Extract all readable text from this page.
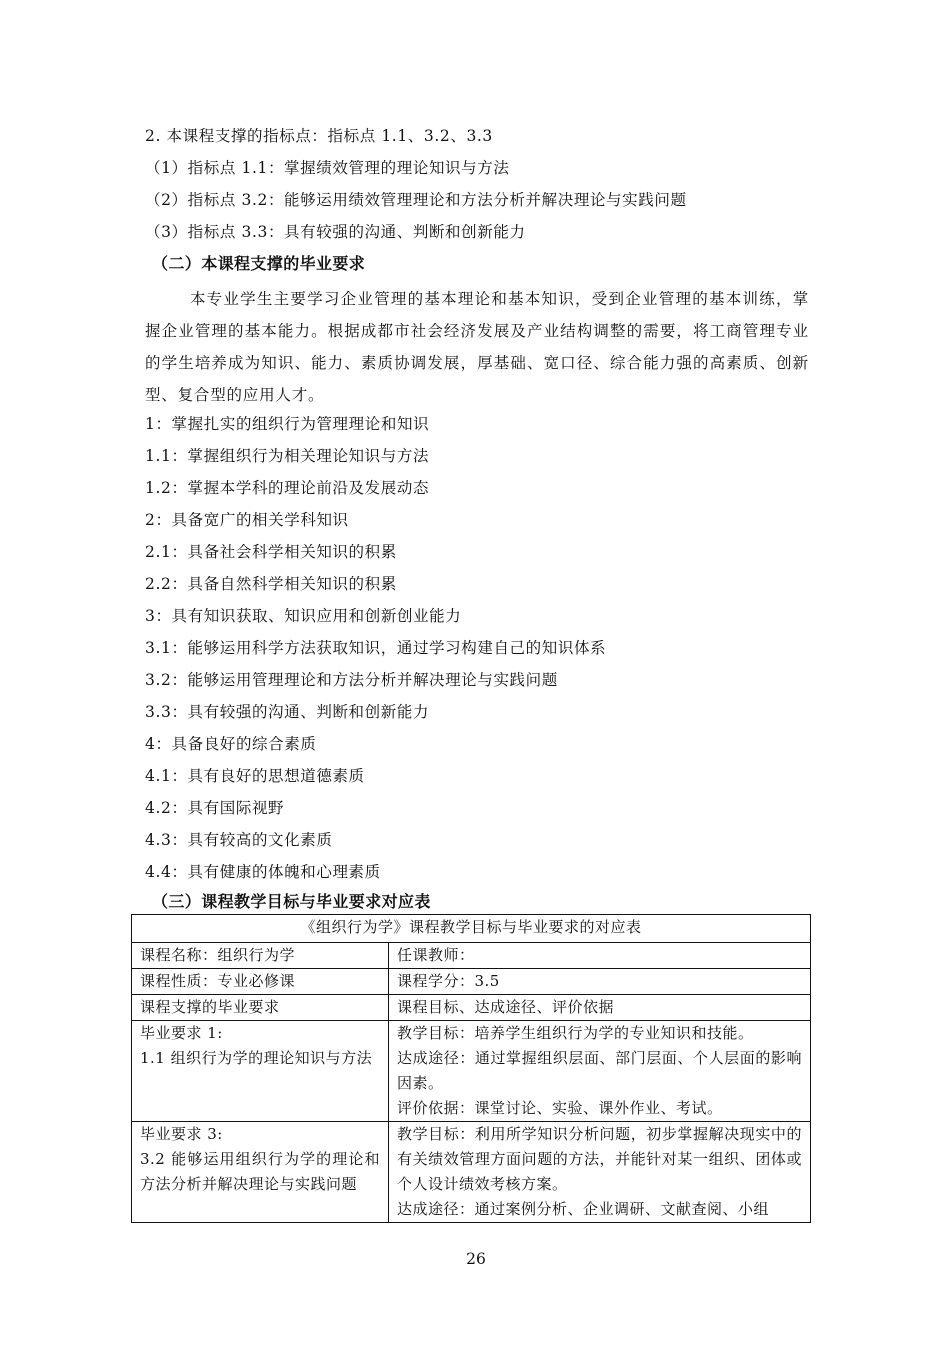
2. 本课程支撑的指标点：指标点 1.1、3.2、3.3
（1）指标点 1.1：掌握绩效管理的理论知识与方法
（2）指标点 3.2：能够运用绩效管理理论和方法分析并解决理论与实践问题
（3）指标点 3.3：具有较强的沟通、判断和创新能力
（二）本课程支撑的毕业要求
本专业学生主要学习企业管理的基本理论和基本知识，受到企业管理的基本训练，掌握企业管理的基本能力。根据成都市社会经济发展及产业结构调整的需要，将工商管理专业的学生培养成为知识、能力、素质协调发展，厚基础、宽口径、综合能力强的高素质、创新型、复合型的应用人才。
1：掌握扎实的组织行为管理理论和知识
1.1：掌握组织行为相关理论知识与方法
1.2：掌握本学科的理论前沿及发展动态
2：具备宽广的相关学科知识
2.1：具备社会科学相关知识的积累
2.2：具备自然科学相关知识的积累
3：具有知识获取、知识应用和创新创业能力
3.1：能够运用科学方法获取知识，通过学习构建自己的知识体系
3.2：能够运用管理理论和方法分析并解决理论与实践问题
3.3：具有较强的沟通、判断和创新能力
4：具备良好的综合素质
4.1：具有良好的思想道德素质
4.2：具有国际视野
4.3：具有较高的文化素质
4.4：具有健康的体魄和心理素质
（三）课程教学目标与毕业要求对应表
《组织行为学》课程教学目标与毕业要求的对应表	
课程名称：组织行为学	任课教师：
课程性质：专业必修课	课程学分：3.5
课程支撑的毕业要求	课程目标、达成途径、评价依据

毕业要求 1:
1.1 组织行为学的理论知识与方法	教学目标：培养学生组织行为学的专业知识和技能。
达成途径：通过掌握组织层面、部门层面、个人层面的影响因素。
评价依据：课堂讨论、实验、课外作业、考试。

毕业要求 3:
3.2 能够运用组织行为学的理论和方法分析并解决理论与实践问题	教学目标：利用所学知识分析问题，初步掌握解决现实中的有关绩效管理方面问题的方法，并能针对某一组织、团体或个人设计绩效考核方案。
达成途径：通过案例分析、企业调研、文献查阅、小组
26
